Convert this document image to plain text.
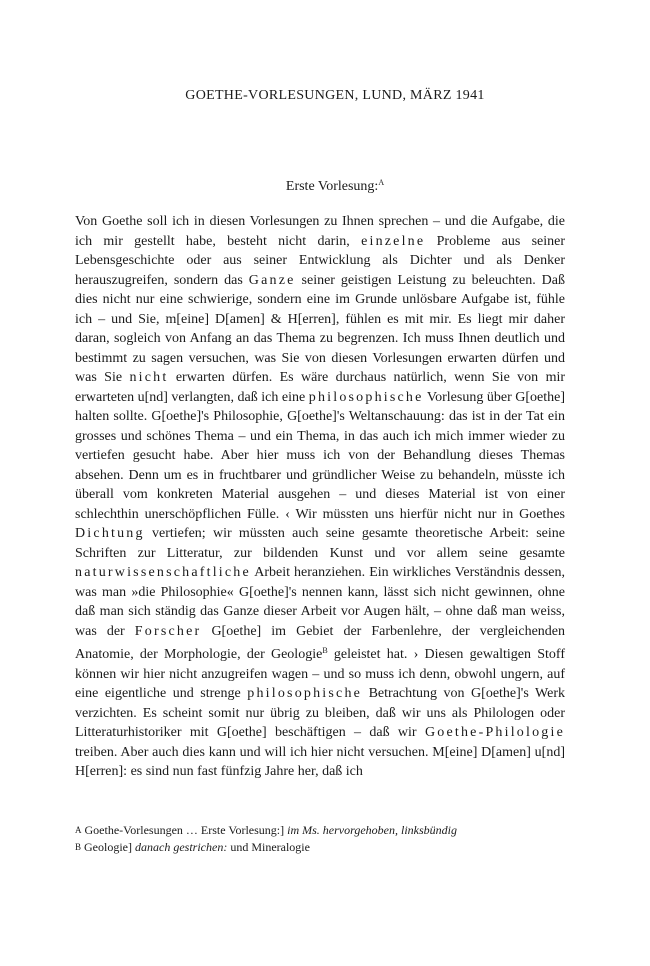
GOETHE-VORLESUNGEN, LUND, MÄRZ 1941
Erste Vorlesung:$^A$

Von Goethe soll ich in diesen Vorlesungen zu Ihnen sprechen – und die Aufgabe, die ich mir gestellt habe, besteht nicht darin, einzelne Probleme aus seiner Lebensgeschichte oder aus seiner Entwicklung als Dichter und als Denker herauszugreifen, sondern das Ganze seiner geistigen Leistung zu beleuchten. Daß dies nicht nur eine schwierige, sondern eine im Grunde unlösbare Aufgabe ist, fühle ich – und Sie, m[eine] D[amen] & H[erren], fühlen es mit mir. Es liegt mir daher daran, sogleich von Anfang an das Thema zu begrenzen. Ich muss Ihnen deutlich und bestimmt zu sagen versuchen, was Sie von diesen Vorlesungen erwarten dürfen und was Sie nicht erwarten dürfen. Es wäre durchaus natürlich, wenn Sie von mir erwarteten u[nd] verlangten, daß ich eine philosophische Vorlesung über G[oethe] halten sollte. G[oethe]'s Philosophie, G[oethe]'s Weltanschauung: das ist in der Tat ein grosses und schönes Thema – und ein Thema, in das auch ich mich immer wieder zu vertiefen gesucht habe. Aber hier muss ich von der Behandlung dieses Themas absehen. Denn um es in fruchtbarer und gründlicher Weise zu behandeln, müsste ich überall vom konkreten Material ausgehen – und dieses Material ist von einer schlechthin unerschöpflichen Fülle. ‹ Wir müssten uns hierfür nicht nur in Goethes Dichtung vertiefen; wir müssten auch seine gesamte theoretische Arbeit: seine Schriften zur Litteratur, zur bildenden Kunst und vor allem seine gesamte naturwissenschaftliche Arbeit heranziehen. Ein wirkliches Verständnis dessen, was man »die Philosophie« G[oethe]'s nennen kann, lässt sich nicht gewinnen, ohne daß man sich ständig das Ganze dieser Arbeit vor Augen hält, – ohne daß man weiss, was der Forscher G[oethe] im Gebiet der Farbenlehre, der vergleichenden Anatomie, der Morphologie, der Geologie$^B$ geleistet hat. › Diesen gewaltigen Stoff können wir hier nicht anzugreifen wagen – und so muss ich denn, obwohl ungern, auf eine eigentliche und strenge philosophische Betrachtung von G[oethe]'s Werk verzichten. Es scheint somit nur übrig zu bleiben, daß wir uns als Philologen oder Litteraturhistoriker mit G[oethe] beschäftigen – daß wir Goethe-Philologie treiben. Aber auch dies kann und will ich hier nicht versuchen. M[eine] D[amen] u[nd] H[erren]: es sind nun fast fünfzig Jahre her, daß ich

A Goethe-Vorlesungen … Erste Vorlesung:] im Ms. hervorgehoben, linksbündig

B Geologie] danach gestrichen: und Mineralogie
